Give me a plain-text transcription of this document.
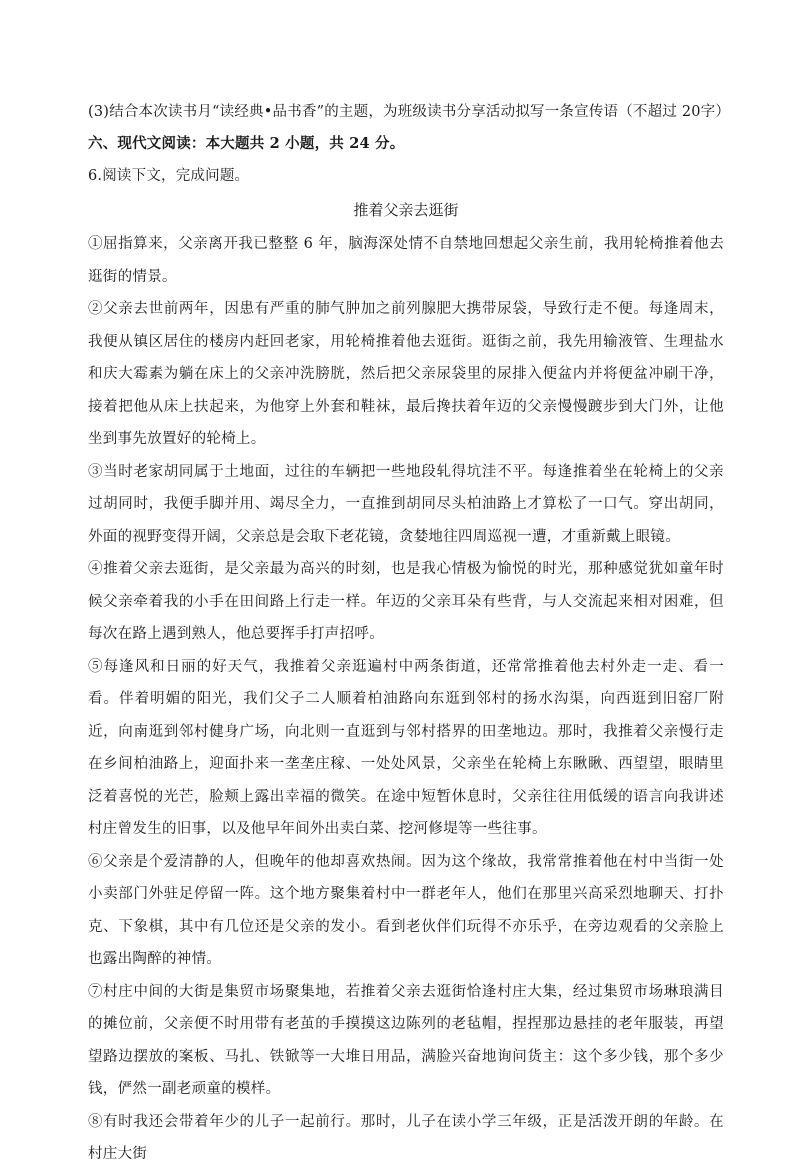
(3)结合本次读书月“读经典•品书香”的主题，为班级读书分享活动拟写一条宣传语（不超过 20字）
六、现代文阅读：本大题共 2 小题，共 24 分。
6.阅读下文，完成问题。
推着父亲去逛街
①屈指算来，父亲离开我已整整 6 年，脑海深处情不自禁地回想起父亲生前，我用轮椅推着他去逛街的情景。
②父亲去世前两年，因患有严重的肺气肿加之前列腺肥大携带尿袋，导致行走不便。每逢周末，我便从镇区居住的楼房内赶回老家，用轮椅推着他去逛街。逛街之前，我先用输液管、生理盐水和庆大霉素为躺在床上的父亲冲洗膀胱，然后把父亲尿袋里的尿排入便盆内并将便盆冲刷干净，接着把他从床上扶起来，为他穿上外套和鞋袜，最后搀扶着年迈的父亲慢慢踱步到大门外，让他坐到事先放置好的轮椅上。
③当时老家胡同属于土地面，过往的车辆把一些地段轧得坑洼不平。每逢推着坐在轮椅上的父亲过胡同时，我便手脚并用、竭尽全力，一直推到胡同尽头柏油路上才算松了一口气。穿出胡同，外面的视野变得开阔，父亲总是会取下老花镜，贪婪地往四周巡视一遭，才重新戴上眼镜。
④推着父亲去逛街，是父亲最为高兴的时刻，也是我心情极为愉悦的时光，那种感觉犹如童年时候父亲牵着我的小手在田间路上行走一样。年迈的父亲耳朵有些背，与人交流起来相对困难，但每次在路上遇到熟人，他总要挥手打声招呼。
⑤每逢风和日丽的好天气，我推着父亲逛遍村中两条街道，还常常推着他去村外走一走、看一看。伴着明媚的阳光，我们父子二人顺着柏油路向东逛到邻村的扬水沟渠，向西逛到旧窑厂附近，向南逛到邻村健身广场，向北则一直逛到与邻村搭界的田垄地边。那时，我推着父亲慢行走在乡间柏油路上，迎面扑来一垄垄庄稼、一处处风景，父亲坐在轮椅上东瞅瞅、西望望，眼睛里泛着喜悦的光芒，脸颊上露出幸福的微笑。在途中短暂休息时，父亲往往用低缓的语言向我讲述村庄曾发生的旧事，以及他早年间外出卖白菜、挖河修堤等一些往事。
⑥父亲是个爱清静的人，但晚年的他却喜欢热闹。因为这个缘故，我常常推着他在村中当街一处小卖部门外驻足停留一阵。这个地方聚集着村中一群老年人，他们在那里兴高采烈地聊天、打扑克、下象棋，其中有几位还是父亲的发小。看到老伙伴们玩得不亦乐乎，在旁边观看的父亲脸上也露出陶醉的神情。
⑦村庄中间的大街是集贸市场聚集地，若推着父亲去逛街恰逢村庄大集，经过集贸市场琳琅满目的摊位前，父亲便不时用带有老茧的手摸摸这边陈列的老毡帽，捏捏那边悬挂的老年服装，再望望路边摆放的案板、马扎、铁锨等一大堆日用品，满脸兴奋地询问货主：这个多少钱，那个多少钱，俨然一副老顽童的模样。
⑧有时我还会带着年少的儿子一起前行。那时，儿子在读小学三年级，正是活泼开朗的年龄。在村庄大街
